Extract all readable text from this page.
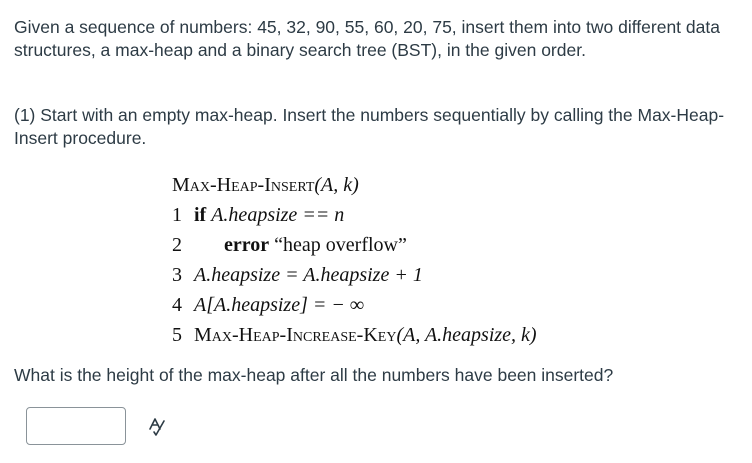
Given a sequence of numbers: 45, 32, 90, 55, 60, 20, 75, insert them into two different data structures, a max-heap and a binary search tree (BST), in the given order.

(1) Start with an empty max-heap. Insert the numbers sequentially by calling the Max-Heap-Insert procedure.

Max-Heap-Insert(A, k)
1 if A.heapsize == n
2 error “heap overflow”
3 A.heapsize = A.heapsize + 1
4 A[A.heapsize] = − ∞
5 Max-Heap-Increase-Key(A, A.heapsize, k)

What is the height of the max-heap after all the numbers have been inserted?
